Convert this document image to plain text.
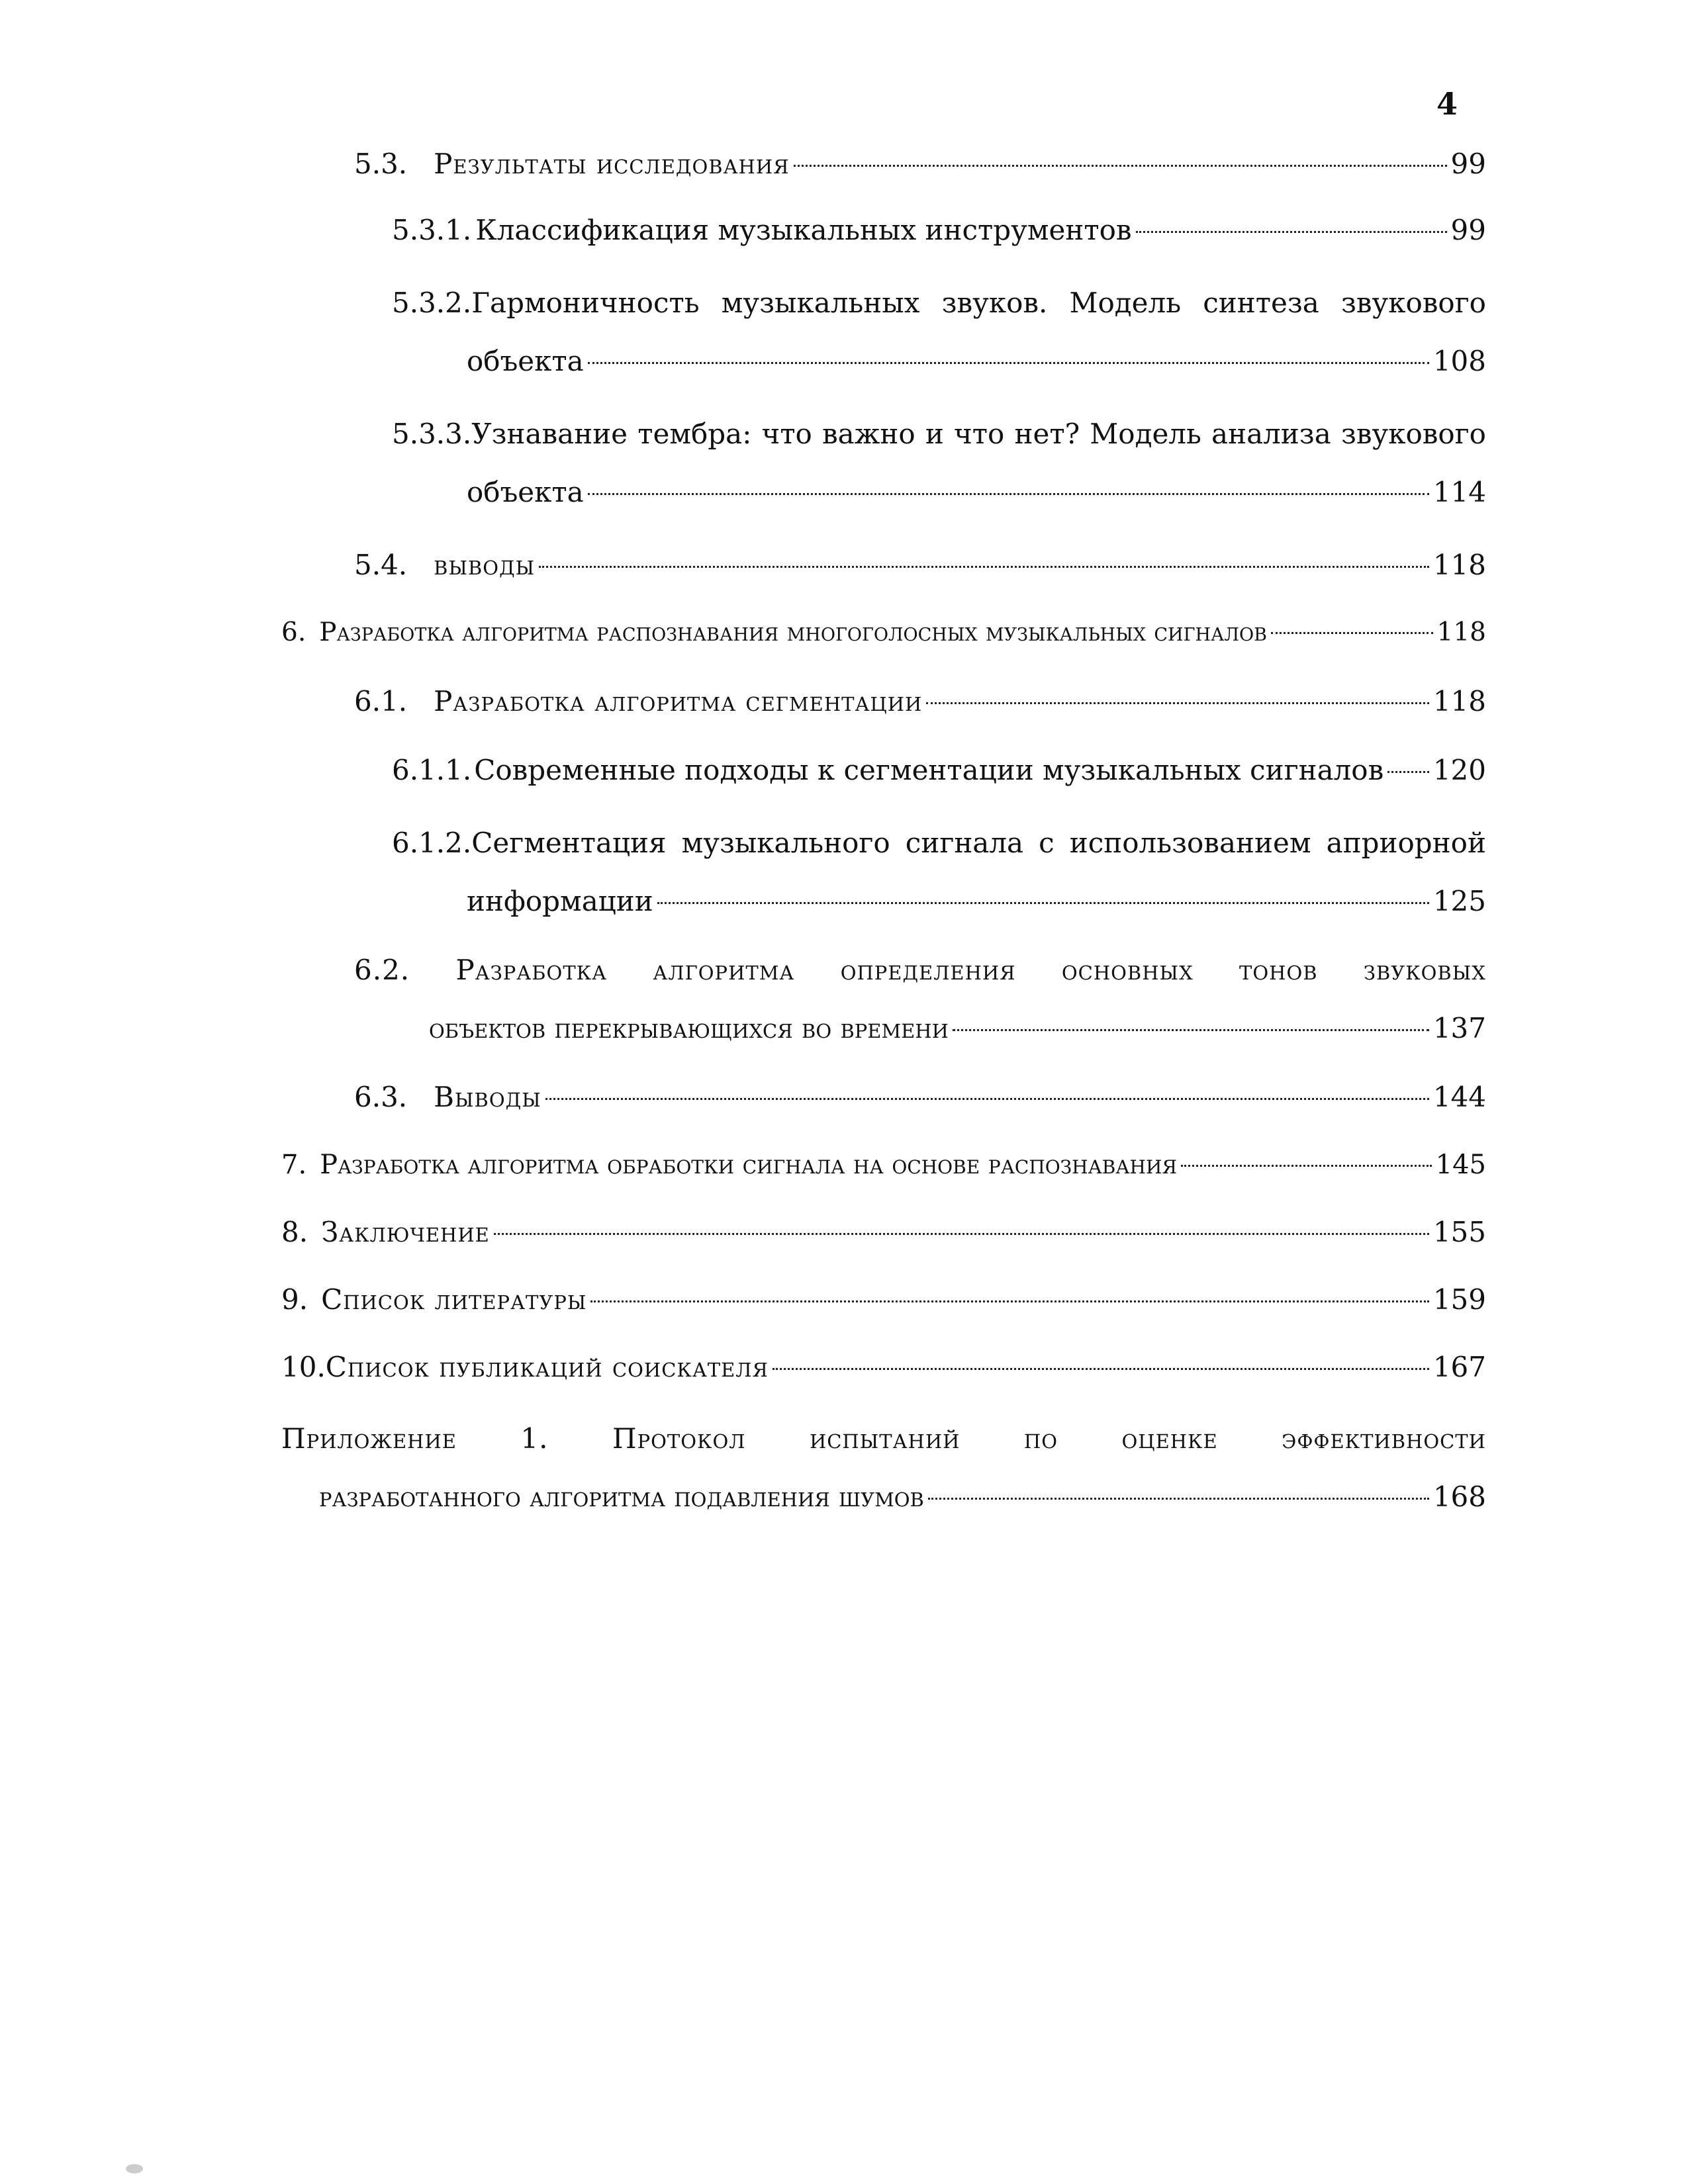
4
5.3. Результаты исследования	99
5.3.1. Классификация музыкальных инструментов	99
5.3.2.Гармоничность музыкальных звуков. Модель синтеза звукового
объекта	108
5.3.3.Узнавание тембра: что важно и что нет? Модель анализа звукового
объекта	114
5.4. выводы	118
6. Разработка алгоритма распознавания многоголосных музыкальных сигналов	118
6.1. Разработка алгоритма сегментации	118
6.1.1. Современные подходы к сегментации музыкальных сигналов 120
6.1.2.Сегментация музыкального сигнала с использованием априорной
информации	125
6.2. Разработка алгоритма определения основных тонов звуковых
объектов перекрывающихся во времени	137
6.3. Выводы	144
7. Разработка алгоритма обработки сигнала на основе распознавания	145
8. Заключение	155
9. Список литературы	159
10. Список публикаций соискателя	167
Приложение 1. Протокол испытаний по оценке эффективности
разработанного алгоритма подавления шумов	168
